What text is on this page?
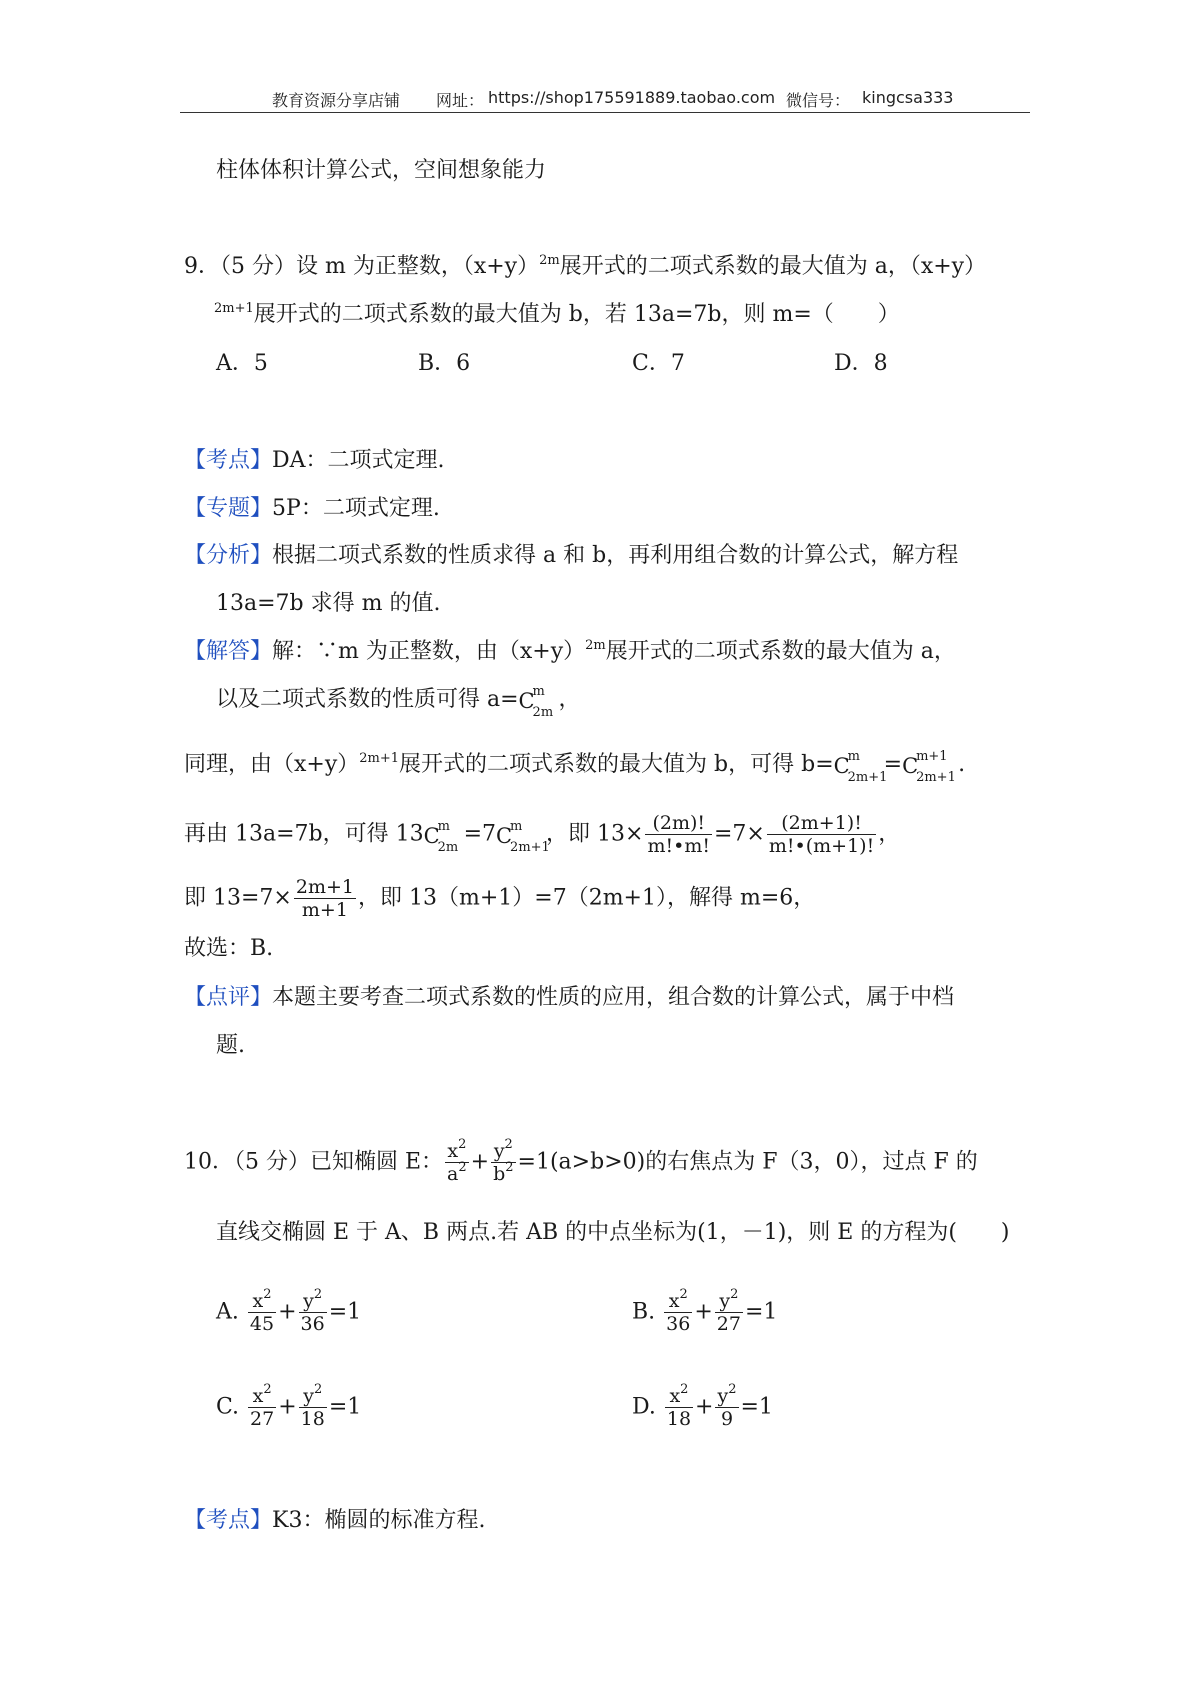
教育资源分享店铺 网址： https://shop175591889.taobao.com 微信号： kingcsa333
柱体体积计算公式，空间想象能力
9．（5 分）设 m 为正整数，$(x+y)^{2m}$展开式的二项式系数的最大值为 a，（x+y）
$^{2m+1}$展开式的二项式系数的最大值为 b，若 13a=7b，则 m=（　　）
A．5	B．6	C．7	D．8
【考点】DA：二项式定理.
【专题】5P：二项式定理.
【分析】根据二项式系数的性质求得 a 和 b，再利用组合数的计算公式，解方程
13a=7b 求得 m 的值.
【解答】解：∵m 为正整数，由$(x+y)^{2m}$展开式的二项式系数的最大值为 a，
以及二项式系数的性质可得 a= C
m
2m
，
同理，由$(x+y)^{2m+1}$展开式的二项式系数的最大值为 b，可得 b= C
m
2m+1
= C
m+1
2m+1
.
再由 13a=7b，可得 13 C
m
2m
=7 C
m
2m+1
，即 $13\times \frac{(2m)!}{m!•m!} =7\times \frac{(2m+1)!}{m!•(m+1)!}$ ，
即 $13=7\times \frac{2m+1}{m+1}$ ，即 13（m+1）=7（2m+1），解得 m=6，
故选：B.
【点评】本题主要考查二项式系数的性质的应用，组合数的计算公式，属于中档
题.
10．（5 分）已知椭圆 E： $\frac{x^2}{a^2} + \frac{y^2}{b^2} =1(a>b>0)$的右焦点为 F（3，0），过点 F 的
直线交椭圆 E 于 A、B 两点.若 AB 的中点坐标为(1，－1)，则 E 的方程为(　　)
A. $\frac{x^2}{45} + \frac{y^2}{36} =1$	B. $\frac{x^2}{36} + \frac{y^2}{27} =1$
C. $\frac{x^2}{27} + \frac{y^2}{18} =1$	D. $\frac{x^2}{18} + \frac{y^2}{9} =1$
【考点】K3：椭圆的标准方程.
